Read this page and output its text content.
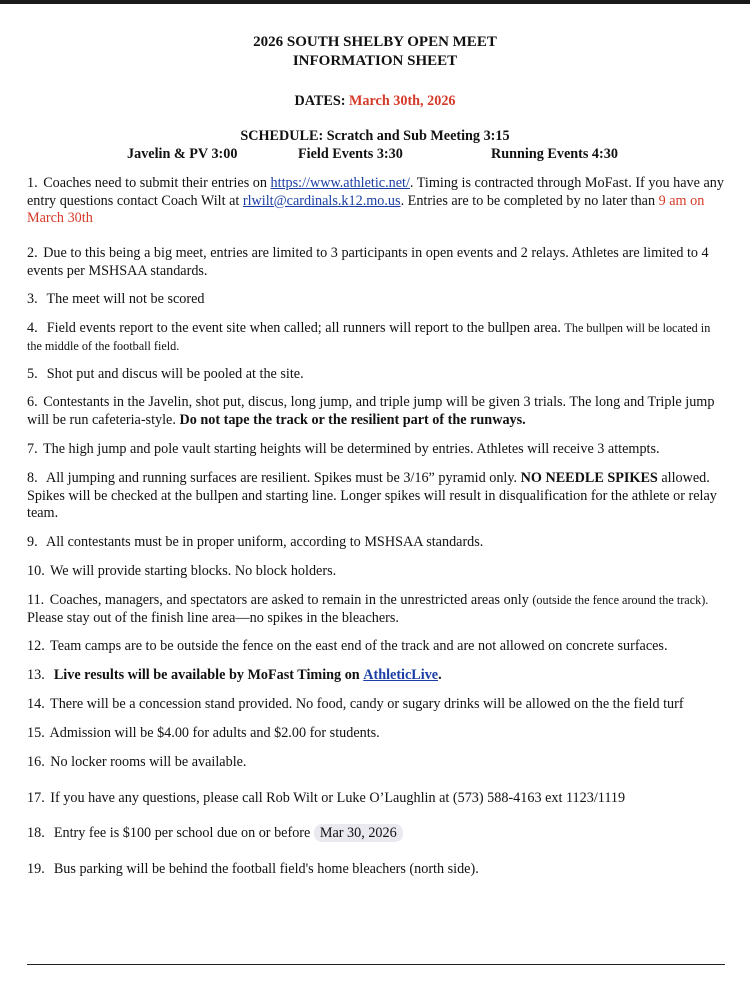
2026 SOUTH SHELBY OPEN MEET
INFORMATION SHEET
DATES: March 30th, 2026
SCHEDULE: Scratch and Sub Meeting 3:15
Javelin & PV 3:00	Field Events 3:30	Running Events 4:30
1. Coaches need to submit their entries on https://www.athletic.net/. Timing is contracted through MoFast. If you have any entry questions contact Coach Wilt at rlwilt@cardinals.k12.mo.us. Entries are to be completed by no later than 9 am on March 30th
2. Due to this being a big meet, entries are limited to 3 participants in open events and 2 relays. Athletes are limited to 4 events per MSHSAA standards.
3. The meet will not be scored
4. Field events report to the event site when called; all runners will report to the bullpen area. The bullpen will be located in the middle of the football field.
5. Shot put and discus will be pooled at the site.
6. Contestants in the Javelin, shot put, discus, long jump, and triple jump will be given 3 trials. The long and Triple jump will be run cafeteria-style. Do not tape the track or the resilient part of the runways.
7. The high jump and pole vault starting heights will be determined by entries. Athletes will receive 3 attempts.
8. All jumping and running surfaces are resilient. Spikes must be 3/16” pyramid only. NO NEEDLE SPIKES allowed. Spikes will be checked at the bullpen and starting line. Longer spikes will result in disqualification for the athlete or relay team.
9. All contestants must be in proper uniform, according to MSHSAA standards.
10. We will provide starting blocks. No block holders.
11. Coaches, managers, and spectators are asked to remain in the unrestricted areas only (outside the fence around the track). Please stay out of the finish line area—no spikes in the bleachers.
12. Team camps are to be outside the fence on the east end of the track and are not allowed on concrete surfaces.
13. Live results will be available by MoFast Timing on AthleticLive.
14. There will be a concession stand provided. No food, candy or sugary drinks will be allowed on the the field turf
15. Admission will be $4.00 for adults and $2.00 for students.
16. No locker rooms will be available.
17. If you have any questions, please call Rob Wilt or Luke O’Laughlin at (573) 588-4163 ext 1123/1119
18. Entry fee is $100 per school due on or before Mar 30, 2026
19. Bus parking will be behind the football field's home bleachers (north side).
